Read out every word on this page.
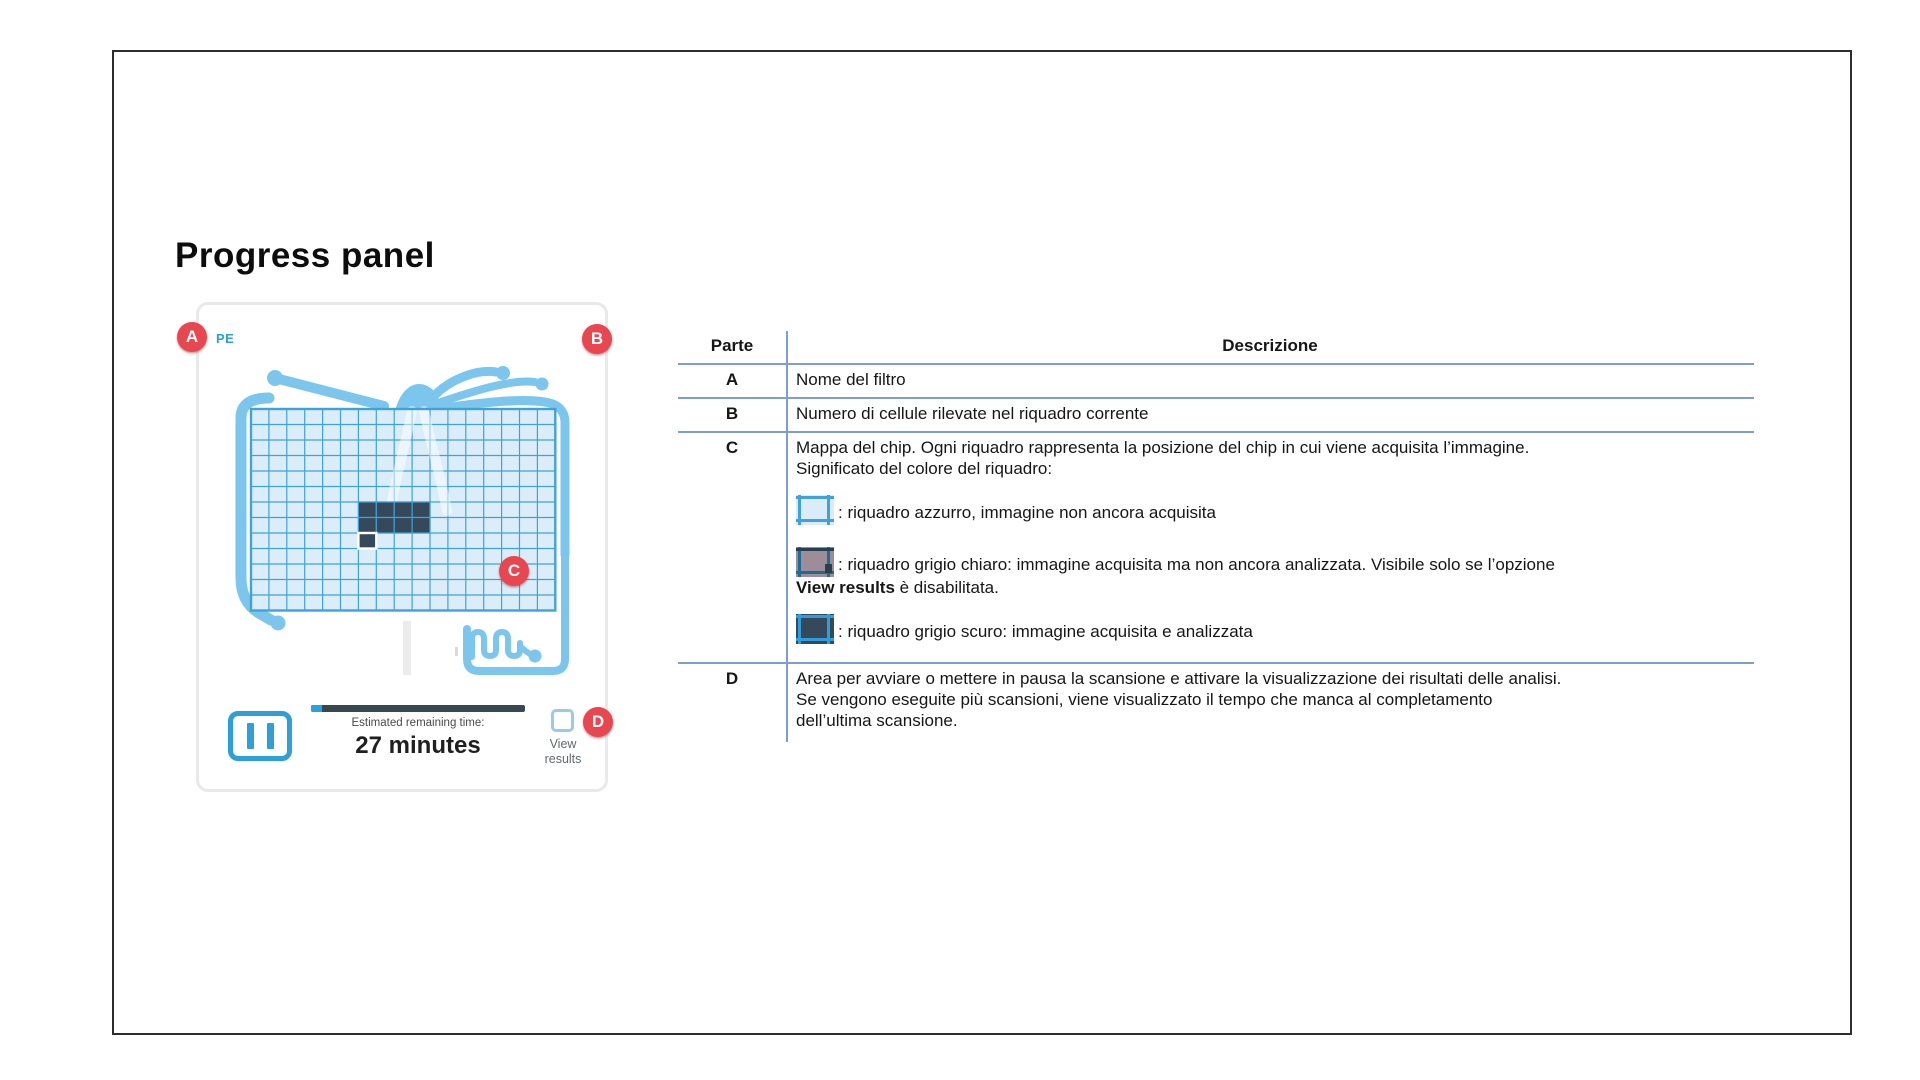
Progress panel
PE
Estimated remaining time:
27 minutes	View
results
A	B
C
D
Parte	Descrizione
A	Nome del filtro
B	Numero di cellule rilevate nel riquadro corrente
C	Mappa del chip. Ogni riquadro rappresenta la posizione del chip in cui viene acquisita l’immagine.
Significato del colore del riquadro:
: riquadro azzurro, immagine non ancora acquisita
: riquadro grigio chiaro: immagine acquisita ma non ancora analizzata. Visibile solo se l’opzione
View results è disabilitata.
: riquadro grigio scuro: immagine acquisita e analizzata
D	Area per avviare o mettere in pausa la scansione e attivare la visualizzazione dei risultati delle analisi.
Se vengono eseguite più scansioni, viene visualizzato il tempo che manca al completamento
dell’ultima scansione.
